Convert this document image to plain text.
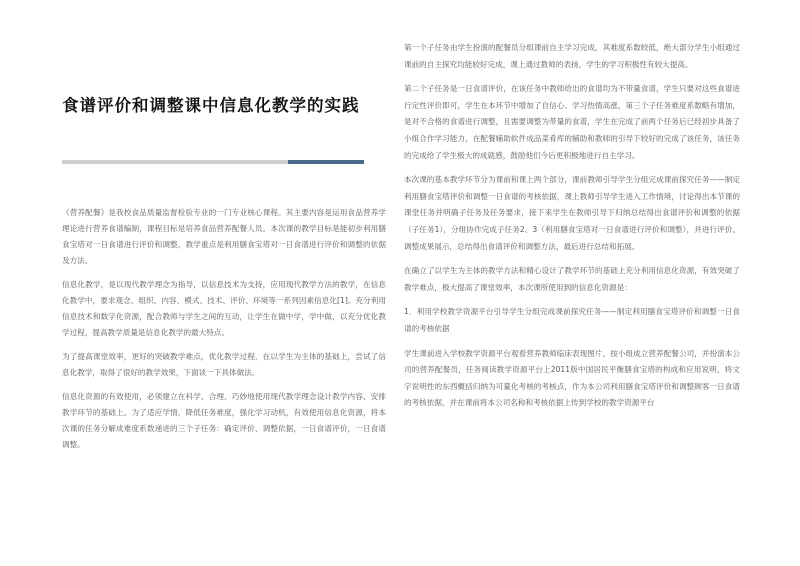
食谱评价和调整课中信息化教学的实践

《营养配餐》是我校食品质量监督检验专业的一门专业核心课程。其主要内容是运用食品营养学理论进行营养食谱编制，课程目标是培养食品营养配餐人员。本次课的教学目标是能初步利用膳食宝塔对一日食谱进行评价和调整，教学重点是利用膳食宝塔对一日食谱进行评价和调整的依据及方法。

信息化教学，是以现代教学理念为指导，以信息技术为支持，应用现代教学方法的教学，在信息化教学中，要求观念、组织、内容、模式、技术、评价、环境等一系列因素信息化[1]。充分利用信息技术和数字化资源，配合教师与学生之间的互动，让学生在做中学，学中做，以充分优化教学过程，提高教学质量是信息化教学的最大特点。

为了提高课堂效率，更好的突破教学难点，优化教学过程，在以学生为主体的基础上，尝试了信息化教学，取得了很好的教学效果，下面谈一下具体做法。

信息化资源的有效使用，必须建立在科学、合理、巧妙地使用现代教学理念设计教学内容、安排教学环节的基础上。为了适应学情，降低任务难度，强化学习动机，有效使用信息化资源，将本次课的任务分解成难度系数递进的三个子任务：确定评价、调整依据，一日食谱评价，一日食谱调整。

第一个子任务由学生扮演的配餐员分组课前自主学习完成，其难度系数较低，绝大部分学生小组通过课前的自主探究均能较好完成，课上通过教师的表扬，学生的学习积极性有较大提高。

第二个子任务是一日食谱评价，在该任务中教师给出的食谱均为不带量食谱，学生只要对这些食谱进行定性评价即可，学生在本环节中增加了自信心、学习热情高涨，第三个子任务难度系数略有增加，是对不合格的食谱进行调整，且需要调整为带量的食谱，学生在完成了前两个任务后已经初步具备了小组合作学习能力，在配餐辅助软件成品菜肴库的辅助和教师的引导下较好的完成了该任务，该任务的完成给了学生极大的成就感，鼓励他们今后更积极地进行自主学习。

本次课的基本教学环节分为课前和课上两个部分，课前教师引导学生分组完成课前探究任务——制定利用膳食宝塔评价和调整一日食谱的考核依据，课上教师引导学生进入工作情境，讨论得出本节课的课堂任务并明确子任务及任务要求，接下来学生在教师引导下归纳总结得出食谱评价和调整的依据（子任务1），分组协作完成子任务2、3（利用膳食宝塔对一日食谱进行评价和调整），并进行评价、调整成果展示，总结得出食谱评价和调整方法，最后进行总结和拓展。

在确立了以学生为主体的教学方法和精心设计了教学环节的基础上充分利用信息化资源，有效突破了教学难点，极大提高了课堂效率，本次课所使用到的信息化资源是：

1．利用学校教学资源平台引导学生分组完成课前探究任务——制定利用膳食宝塔评价和调整一日食谱的考核依据

学生课前进入学校教学资源平台观看营养教师临床表现图片，按小组成立营养配餐公司，并扮演本公司的营养配餐员，任务阅读教学资源平台上2011版中国居民平衡膳食宝塔的构成和应用说明，将文字说明性的东西概括归纳为可量化考核的考核点，作为本公司利用膳食宝塔评价和调整顾客一日食谱的考核依据，并在课前将本公司名称和考核依据上传到学校的教学资源平台
